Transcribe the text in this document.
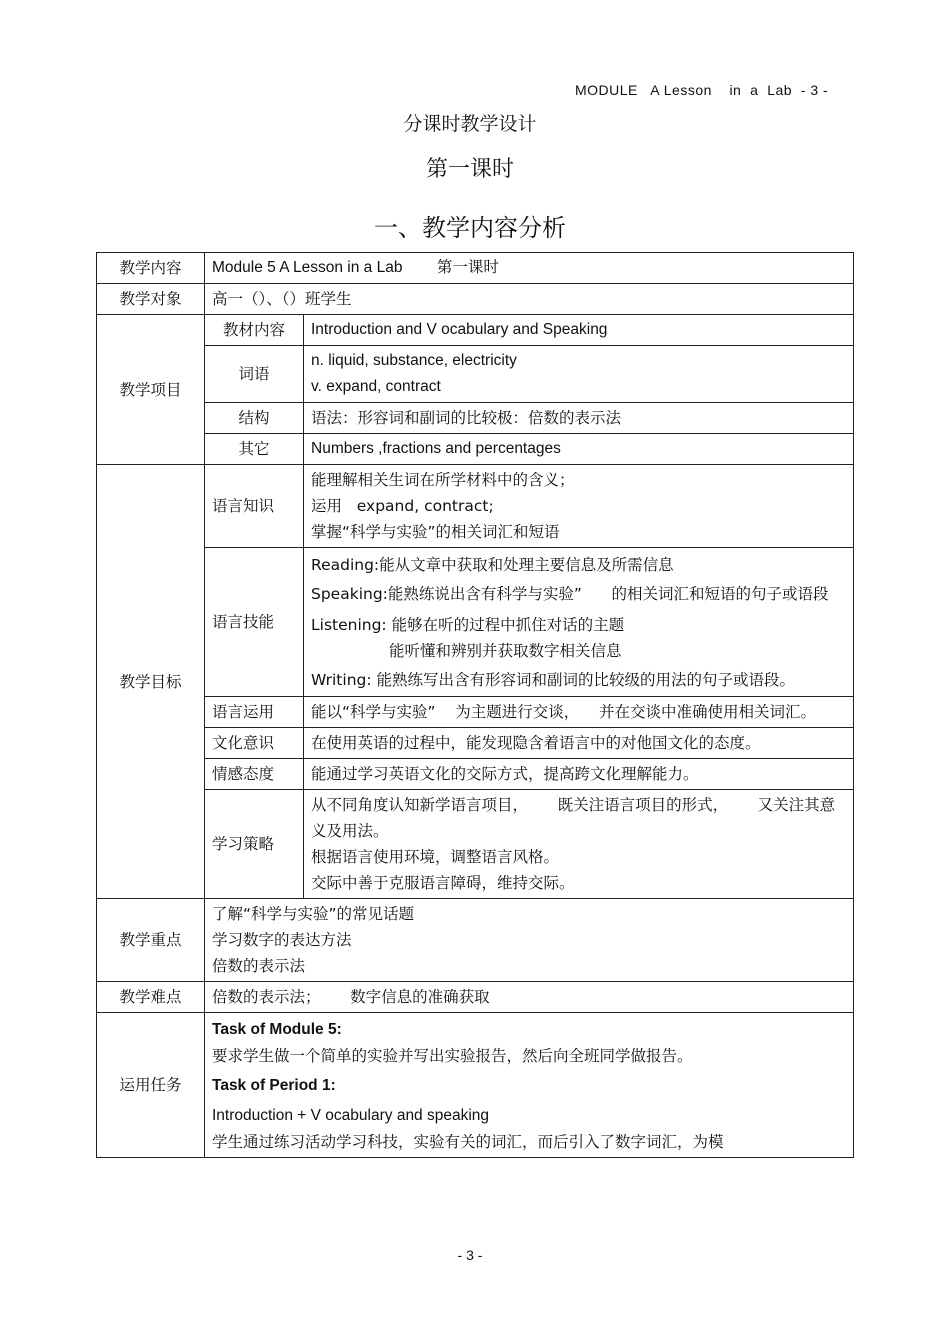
MODULE   A Lesson    in  a  Lab  - 3 -
分课时教学设计
第一课时
一、教学内容分析
教学内容	Module 5 A Lesson in a Lab        第一课时	
教学对象	高一（）、（）班学生	
教学项目	教材内容	Introduction and V ocabulary and Speaking
	词语	n. liquid, substance, electricity
v. expand, contract

	结构	语法：形容词和副词的比较极：倍数的表示法
	其它	Numbers ,fractions and percentages
教学目标	语言知识	能理解相关生词在所学材料中的含义；
运用   expand, contract;
掌握“科学与实验”的相关词汇和短语

	语言技能	Reading:能从文章中获取和处理主要信息及所需信息
Speaking:能熟练说出含有科学与实验”      的相关词汇和短语的句子或语段
Listening: 能够在听的过程中抓住对话的主题
能听懂和辨别并获取数字相关信息
Writing: 能熟练写出含有形容词和副词的比较级的用法的句子或语段。

	语言运用	能以“科学与实验”    为主题进行交谈，    并在交谈中准确使用相关词汇。
	文化意识	在使用英语的过程中，能发现隐含着语言中的对他国文化的态度。
	情感态度	能通过学习英语文化的交际方式，提高跨文化理解能力。
	学习策略	从不同角度认知新学语言项目，      既关注语言项目的形式，      又关注其意义及用法。
根据语言使用环境，调整语言风格。
交际中善于克服语言障碍，维持交际。

教学重点	了解“科学与实验”的常见话题
学习数字的表达方法
倍数的表示法	

教学难点	倍数的表示法；      数字信息的准确获取	
运用任务	Task of Module 5:
要求学生做一个简单的实验并写出实验报告，然后向全班同学做报告。
Task of Period 1:
Introduction + V ocabulary and speaking
学生通过练习活动学习科技，实验有关的词汇，而后引入了数字词汇，为模	
- 3 -
